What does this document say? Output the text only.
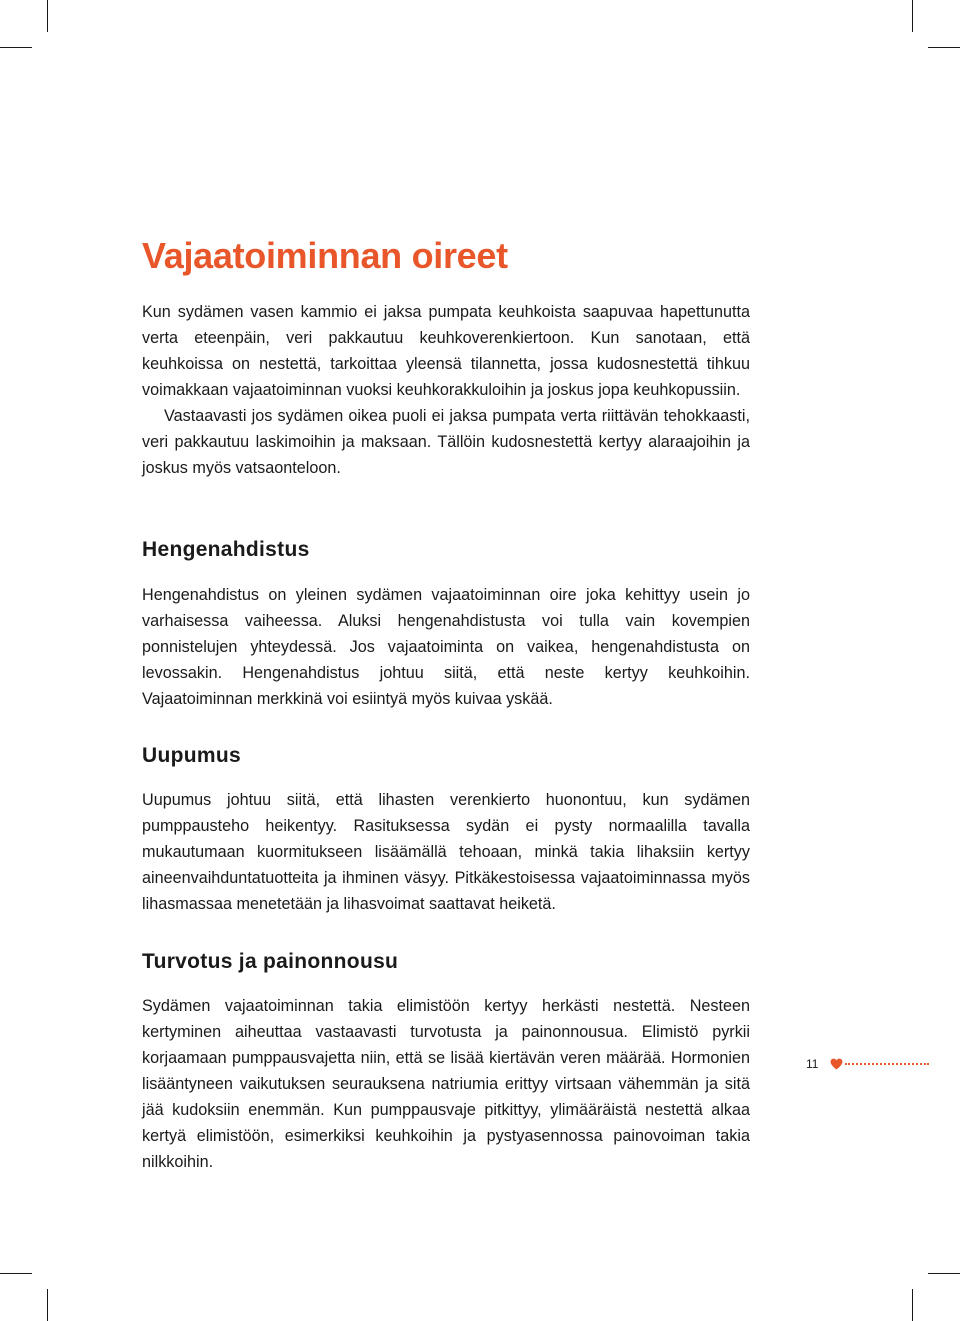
Vajaatoiminnan oireet

Kun sydämen vasen kammio ei jaksa pumpata keuhkoista saapuvaa hapettunutta verta eteenpäin, veri pakkautuu keuhkoverenkiertoon. Kun sanotaan, että keuhkoissa on nestettä, tarkoittaa yleensä tilannetta, jossa kudosnestettä tihkuu voimakkaan vajaatoiminnan vuoksi keuhkorakkuloihin ja joskus jopa keuhkopussiin.

Vastaavasti jos sydämen oikea puoli ei jaksa pumpata verta riittävän tehokkaasti, veri pakkautuu laskimoihin ja maksaan. Tällöin kudosnestettä kertyy alaraajoihin ja joskus myös vatsaonteloon.

Hengenahdistus

Hengenahdistus on yleinen sydämen vajaatoiminnan oire joka kehittyy usein jo varhaisessa vaiheessa. Aluksi hengenahdistusta voi tulla vain kovempien ponnistelujen yhteydessä. Jos vajaatoiminta on vaikea, hengenahdistusta on levossakin. Hengenahdistus johtuu siitä, että neste kertyy keuhkoihin. Vajaatoiminnan merkkinä voi esiintyä myös kuivaa yskää.

Uupumus

Uupumus johtuu siitä, että lihasten verenkierto huonontuu, kun sydämen pumppausteho heikentyy. Rasituksessa sydän ei pysty normaalilla tavalla mukautumaan kuormitukseen lisäämällä tehoaan, minkä takia lihaksiin kertyy aineenvaihduntatuotteita ja ihminen väsyy. Pitkäkestoisessa vajaatoiminnassa myös lihasmassaa menetetään ja lihasvoimat saattavat heiketä.

Turvotus ja painonnousu

Sydämen vajaatoiminnan takia elimistöön kertyy herkästi nestettä. Nesteen kertyminen aiheuttaa vastaavasti turvotusta ja painonnousua. Elimistö pyrkii korjaamaan pumppausvajetta niin, että se lisää kiertävän veren määrää. Hormonien lisääntyneen vaikutuksen seurauksena natriumia erittyy virtsaan vähemmän ja sitä jää kudoksiin enemmän. Kun pumppausvaje pitkittyy, ylimääräistä nestettä alkaa kertyä elimistöön, esimerkiksi keuhkoihin ja pystyasennossa painovoiman takia nilkkoihin.

11
